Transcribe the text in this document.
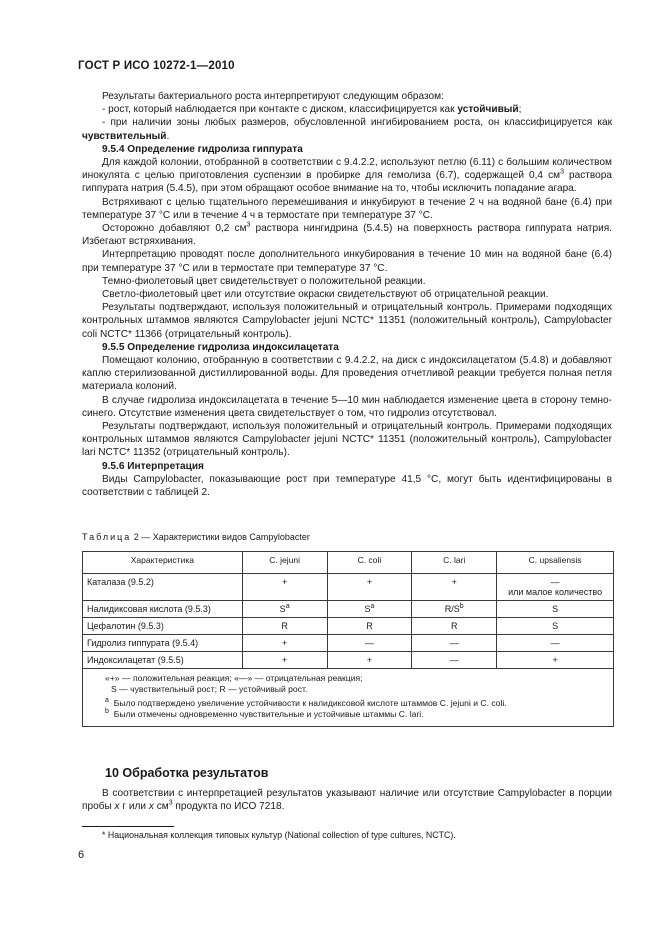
ГОСТ Р ИСО 10272-1—2010

Результаты бактериального роста интерпретируют следующим образом:

- рост, который наблюдается при контакте с диском, классифицируется как устойчивый;

- при наличии зоны любых размеров, обусловленной ингибированием роста, он классифицируется как чувствительный.

9.5.4 Определение гидролиза гиппурата

Для каждой колонии, отобранной в соответствии с 9.4.2.2, используют петлю (6.11) с большим количеством инокулята с целью приготовления суспензии в пробирке для гемолиза (6.7), содержащей 0,4 $см^3$ раствора гиппурата натрия (5.4.5), при этом обращают особое внимание на то, чтобы исключить попадание агара.

Встряхивают с целью тщательного перемешивания и инкубируют в течение 2 ч на водяной бане (6.4) при температуре 37 °С или в течение 4 ч в термостате при температуре 37 °С.

Осторожно добавляют 0,2 $см^3$ раствора нингидрина (5.4.5) на поверхность раствора гиппурата натрия. Избегают встряхивания.

Интерпретацию проводят после дополнительного инкубирования в течение 10 мин на водяной бане (6.4) при температуре 37 °С или в термостате при температуре 37 °С.

Темно-фиолетовый цвет свидетельствует о положительной реакции.

Светло-фиолетовый цвет или отсутствие окраски свидетельствуют об отрицательной реакции.

Результаты подтверждают, используя положительный и отрицательный контроль. Примерами подходящих контрольных штаммов являются Campylobacter jejuni NCTC* 11351 (положительный контроль), Campylobacter coli NCTC* 11366 (отрицательный контроль).

9.5.5 Определение гидролиза индоксилацетата

Помещают колонию, отобранную в соответствии с 9.4.2.2, на диск с индоксилацетатом (5.4.8) и добавляют каплю стерилизованной дистиллированной воды. Для проведения отчетливой реакции требуется полная петля материала колоний.

В случае гидролиза индоксилацетата в течение 5—10 мин наблюдается изменение цвета в сторону темно-синего. Отсутствие изменения цвета свидетельствует о том, что гидролиз отсутствовал.

Результаты подтверждают, используя положительный и отрицательный контроль. Примерами подходящих контрольных штаммов являются Campylobacter jejuni NCTC* 11351 (положительный контроль), Campylobacter lari NCTC* 11352 (отрицательный контроль).

9.5.6 Интерпретация

Виды Campylobacter, показывающие рост при температуре 41,5 °С, могут быть идентифицированы в соответствии с таблицей 2.

Таблица 2 — Характеристики видов Campylobacter
Характеристика	C. jejuni	C. coli	C. lari	C. upsaliensis
Каталаза (9.5.2)	+	+	+	—
или малое количество

Налидиксовая кислота (9.5.3)	$S^a$	$S^a$	$R/S^b$	S
Цефалотин (9.5.3)	R	R	R	S
Гидролиз гиппурата (9.5.4)	+	—	—	—
Индоксилацетат (9.5.5)	+	+	—	+

«+» — положительная реакция; «—» — отрицательная реакция;
S — чувствительный рост; R — устойчивый рост.
$^a$ Было подтверждено увеличение устойчивости к налидиксовой кислоте штаммов C. jejuni и C. coli.
$^b$ Были отмечены одновременно чувствительные и устойчивые штаммы C. lari.				
10 Обработка результатов

В соответствии с интерпретацией результатов указывают наличие или отсутствие Campylobacter в порции пробы x г или x $см^3$ продукта по ИСО 7218.

* Национальная коллекция типовых культур (National collection of type cultures, NCTC).
6
